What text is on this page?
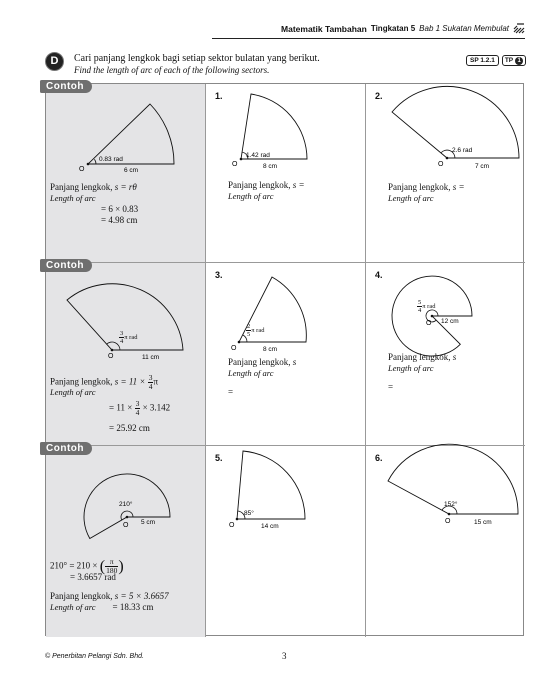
Matematik Tambahan Tingkatan 5 Bab 1 Sukatan Membulat
D	Cari panjang lengkok bagi setiap sektor bulatan yang berikut.
Find the length of arc of each of the following sectors.
SP 1.2.1	TP 1
Contoh
O
0.83 rad
6 cm
Panjang lengkok, s = rθ
Length of arc
= 6 × 0.83
= 4.98 cm
1.
O
1.42 rad
8 cm
Panjang lengkok, s =
Length of arc
2.
O
2.6 rad
7 cm
Panjang lengkok, s =
Length of arc
Contoh
O	11 cm
$\frac{3}{4}$ π rad
Panjang lengkok, $s = 11 \times \frac{3}{4}$ π
Length of arc
= $11 \times \frac{3}{4} \times 3.142$
= 25.92 cm
3.
O	8 cm
$\frac{2}{5}$ π rad
Panjang lengkok, s
Length of arc
=
4.
O 12 cm
$\frac{5}{4}$ π rad
Panjang lengkok, s
Length of arc
=
Contoh
O
210°
5 cm
210° = 210 × ( $\frac{\pi}{180}$ )
= 3.6657 rad
Panjang lengkok, s = 5 × 3.6657
Length of arc = 18.33 cm
5.
O
85°
14 cm
6.
O
152°
15 cm
© Penerbitan Pelangi Sdn. Bhd.	3
